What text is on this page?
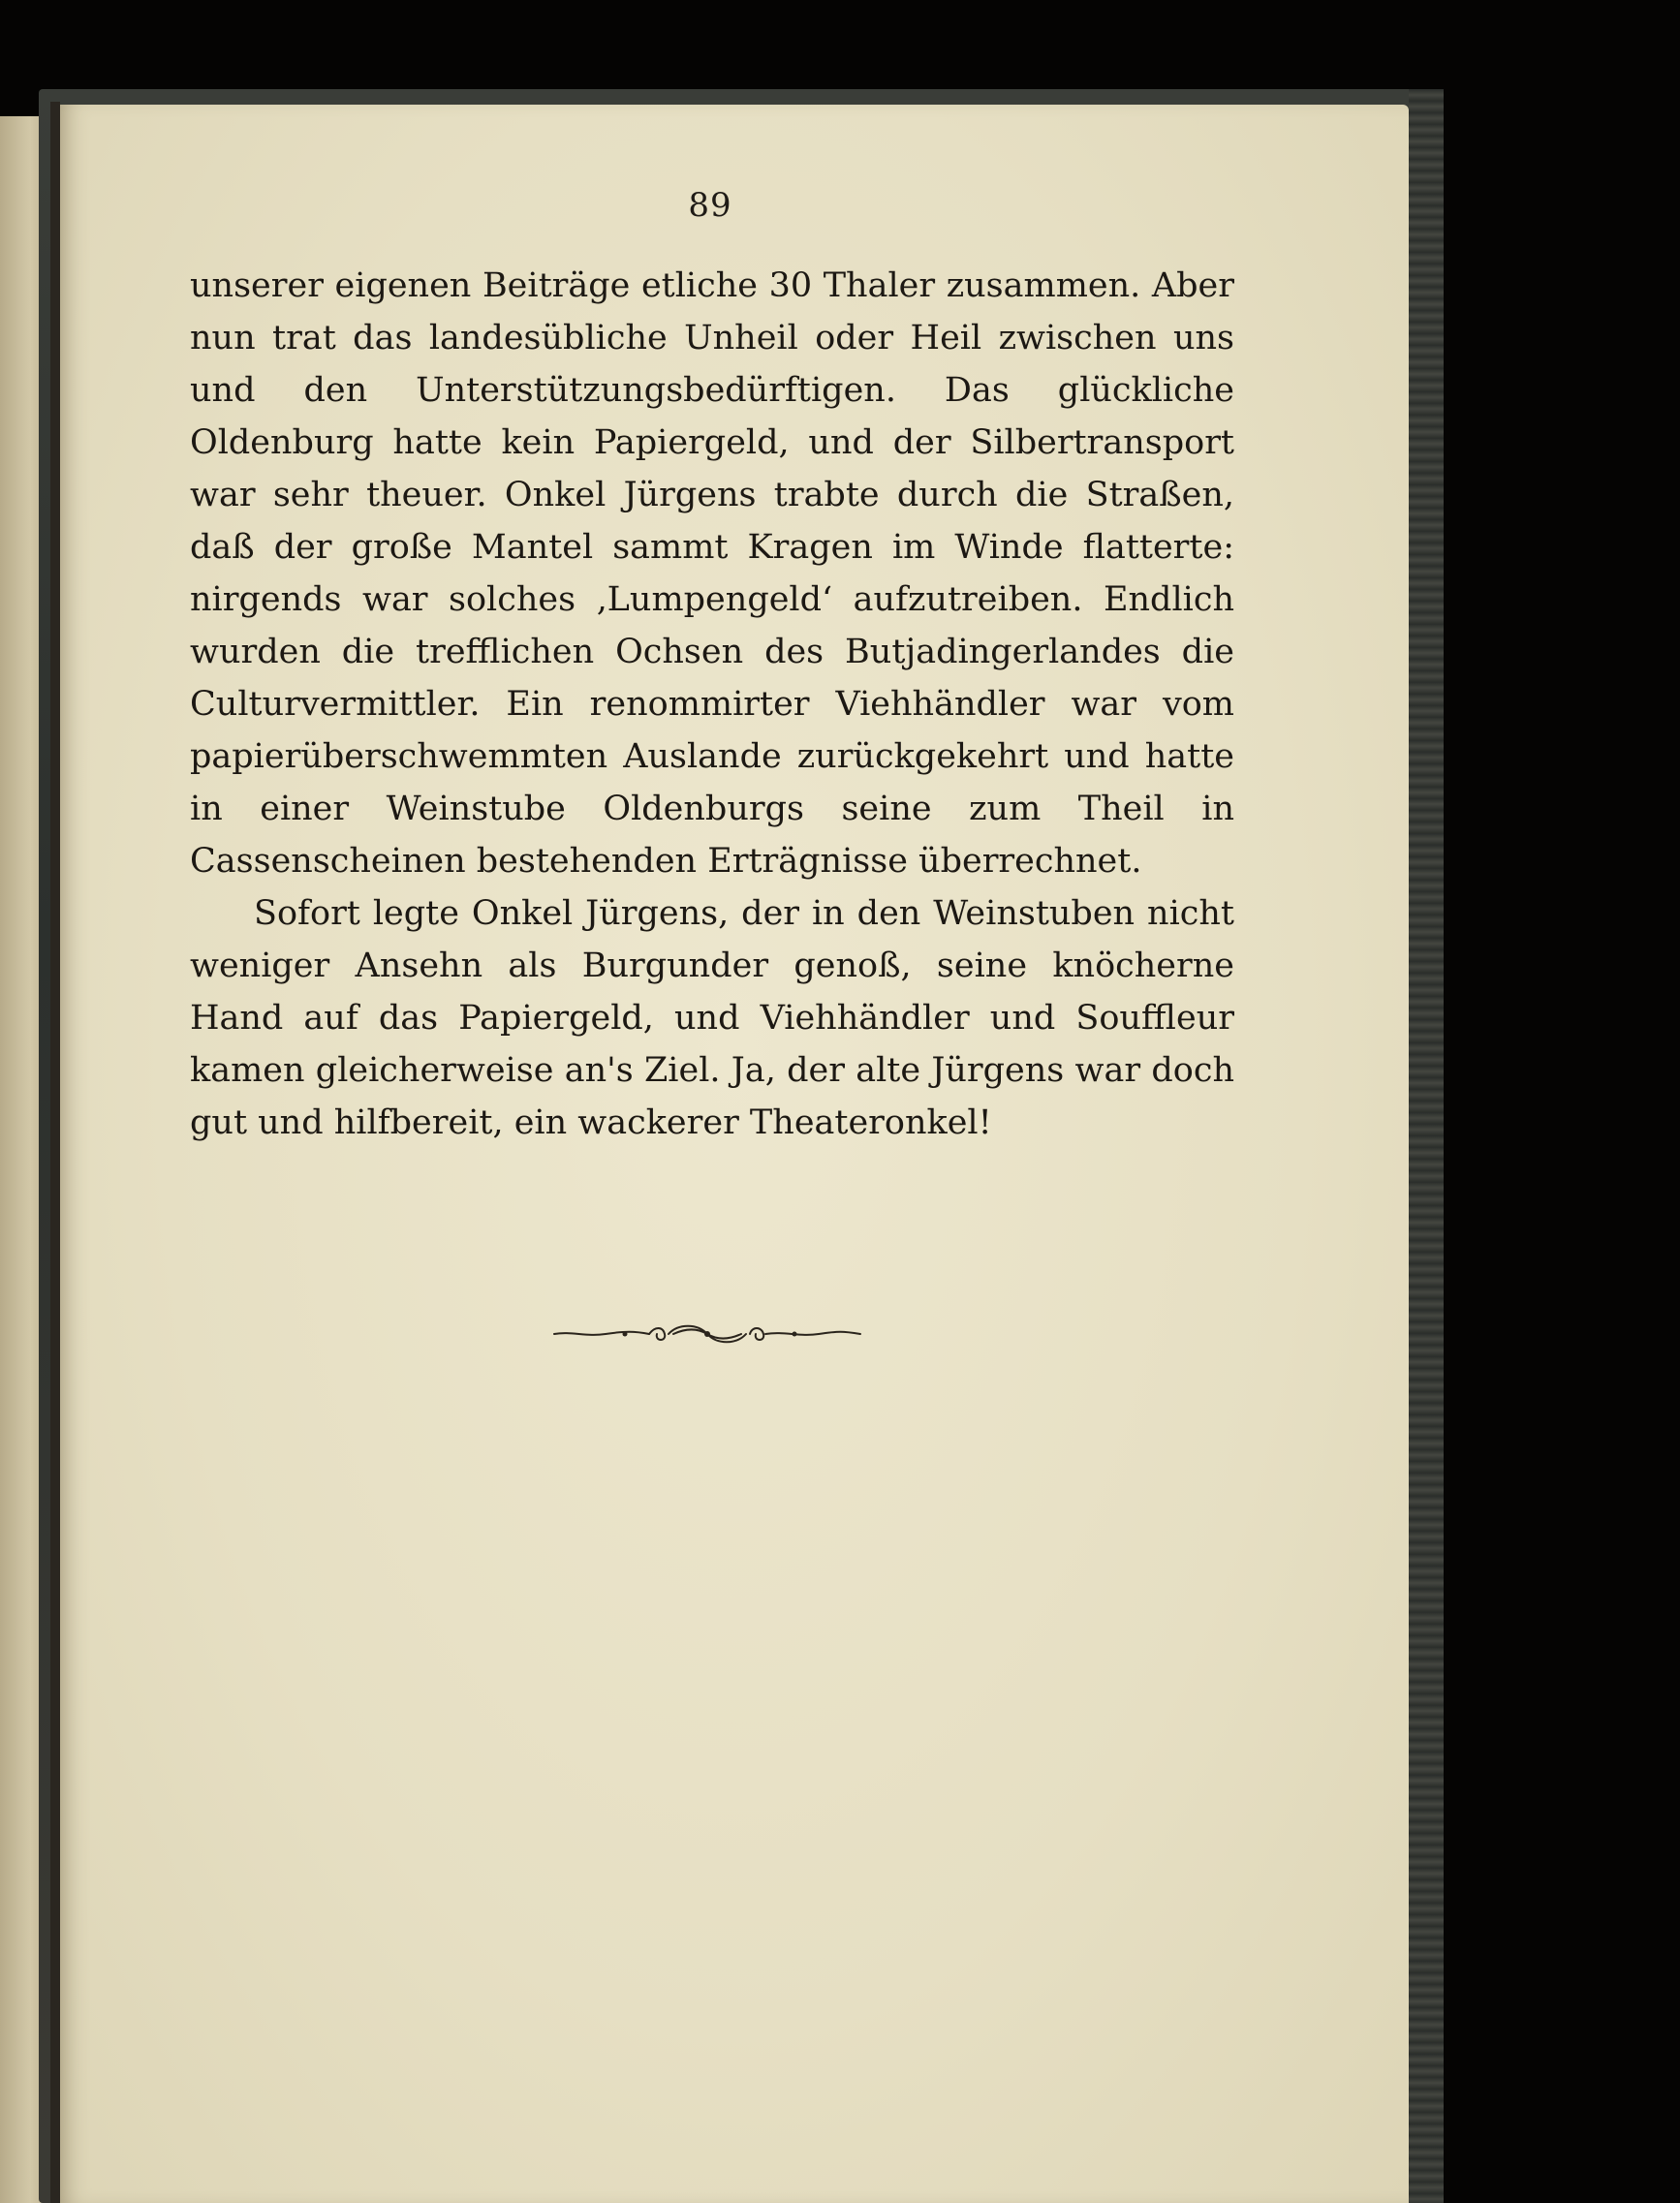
89

unserer eigenen Beiträge etliche 30 Thaler zusammen. Aber nun trat das landesübliche Unheil oder Heil zwischen uns und den Unterstützungsbedürftigen. Das glückliche Oldenburg hatte kein Papiergeld, und der Silbertransport war sehr theuer. Onkel Jürgens trabte durch die Straßen, daß der große Mantel sammt Kragen im Winde flatterte: nirgends war solches ‚Lumpengeld‘ aufzutreiben. Endlich wurden die trefflichen Ochsen des Butjadingerlandes die Culturvermittler. Ein renommirter Viehhändler war vom papierüberschwemmten Auslande zurückgekehrt und hatte in einer Weinstube Oldenburgs seine zum Theil in Cassenscheinen bestehenden Erträgnisse überrechnet.

Sofort legte Onkel Jürgens, der in den Weinstuben nicht weniger Ansehn als Burgunder genoß, seine knöcherne Hand auf das Papiergeld, und Viehhändler und Souffleur kamen gleicherweise an's Ziel. Ja, der alte Jürgens war doch gut und hilfbereit, ein wackerer Theateronkel!
